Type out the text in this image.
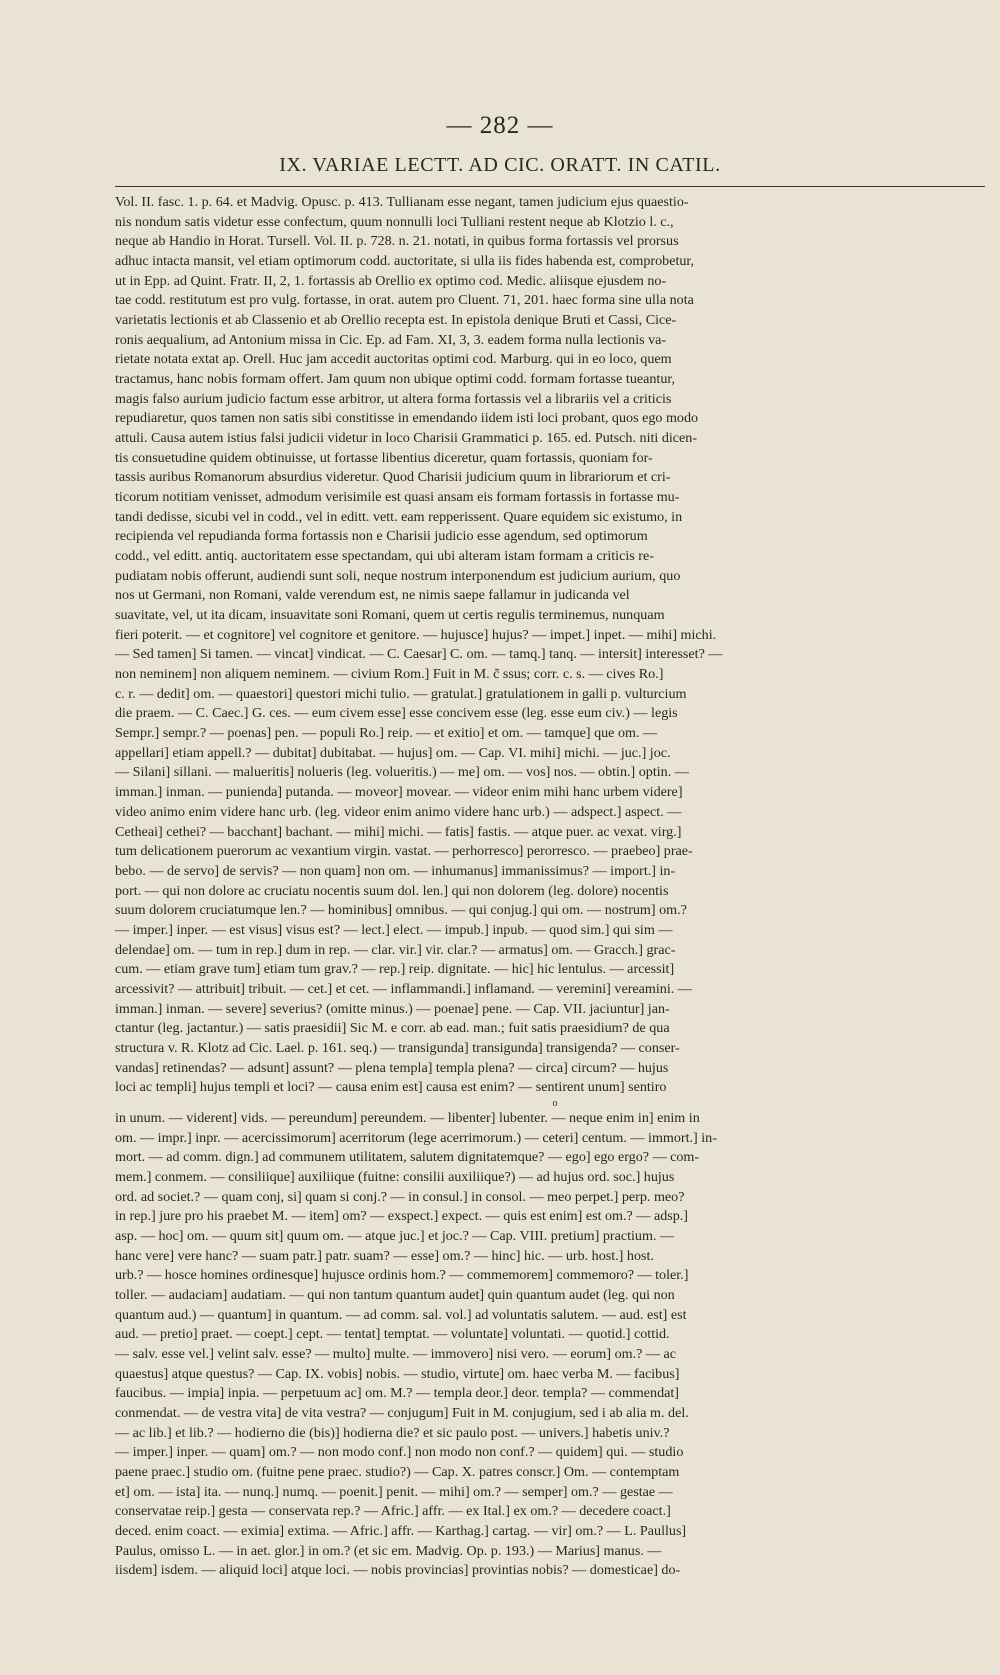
— 282 —
IX. VARIAE LECTT. AD CIC. ORATT. IN CATIL.
Vol. II. fasc. 1. p. 64. et Madvig. Opusc. p. 413. Tullianam esse negant, tamen judicium ejus quaestio-
nis nondum satis videtur esse confectum, quum nonnulli loci Tulliani restent neque ab Klotzio l. c.,
neque ab Handio in Horat. Tursell. Vol. II. p. 728. n. 21. notati, in quibus forma fortassis vel prorsus
adhuc intacta mansit, vel etiam optimorum codd. auctoritate, si ulla iis fides habenda est, comprobetur,
ut in Epp. ad Quint. Fratr. II, 2, 1. fortassis ab Orellio ex optimo cod. Medic. aliisque ejusdem no-
tae codd. restitutum est pro vulg. fortasse, in orat. autem pro Cluent. 71, 201. haec forma sine ulla nota
varietatis lectionis et ab Classenio et ab Orellio recepta est. In epistola denique Bruti et Cassi, Cice-
ronis aequalium, ad Antonium missa in Cic. Ep. ad Fam. XI, 3, 3. eadem forma nulla lectionis va-
rietate notata extat ap. Orell. Huc jam accedit auctoritas optimi cod. Marburg. qui in eo loco, quem
tractamus, hanc nobis formam offert. Jam quum non ubique optimi codd. formam fortasse tueantur,
magis falso aurium judicio factum esse arbitror, ut altera forma fortassis vel a librariis vel a criticis
repudiaretur, quos tamen non satis sibi constitisse in emendando iidem isti loci probant, quos ego modo
attuli. Causa autem istius falsi judicii videtur in loco Charisii Grammatici p. 165. ed. Putsch. niti dicen-
tis consuetudine quidem obtinuisse, ut fortasse libentius diceretur, quam fortassis, quoniam for-
tassis auribus Romanorum absurdius videretur. Quod Charisii judicium quum in librariorum et cri-
ticorum notitiam venisset, admodum verisimile est quasi ansam eis formam fortassis in fortasse mu-
tandi dedisse, sicubi vel in codd., vel in editt. vett. eam repperissent. Quare equidem sic existumo, in
recipienda vel repudianda forma fortassis non e Charisii judicio esse agendum, sed optimorum
codd., vel editt. antiq. auctoritatem esse spectandam, qui ubi alteram istam formam a criticis re-
pudiatam nobis offerunt, audiendi sunt soli, neque nostrum interponendum est judicium aurium, quo
nos ut Germani, non Romani, valde verendum est, ne nimis saepe fallamur in judicanda vel
suavitate, vel, ut ita dicam, insuavitate soni Romani, quem ut certis regulis terminemus, nunquam
fieri poterit. — et cognitore] vel cognitore et genitore. — hujusce] hujus? — impet.] inpet. — mihi] michi.
— Sed tamen] Si tamen. — vincat] vindicat. — C. Caesar] C. om. — tamq.] tanq. — intersit] interesset? —
non neminem] non aliquem neminem. — civium Rom.] Fuit in M. c̃ ssus; corr. c. s. — cives Ro.]
c. r. — dedit] om. — quaestori] questori michi tulio. — gratulat.] gratulationem in galli p. vulturcium
die praem. — C. Caec.] G. ces. — eum civem esse] esse concivem esse (leg. esse eum civ.) — legis
Sempr.] sempr.? — poenas] pen. — populi Ro.] reip. — et exitio] et om. — tamque] que om. —
appellari] etiam appell.? — dubitat] dubitabat. — hujus] om. — Cap. VI. mihi] michi. — juc.] joc.
— Silani] sillani. — malueritis] nolueris (leg. volueritis.) — me] om. — vos] nos. — obtin.] optin. —
imman.] inman. — punienda] putanda. — moveor] movear. — videor enim mihi hanc urbem videre]
video animo enim videre hanc urb. (leg. videor enim animo videre hanc urb.) — adspect.] aspect. —
Cetheai] cethei? — bacchant] bachant. — mihi] michi. — fatis] fastis. — atque puer. ac vexat. virg.]
tum delicationem puerorum ac vexantium virgin. vastat. — perhorresco] perorresco. — praebeo] prae-
bebo. — de servo] de servis? — non quam] non om. — inhumanus] immanissimus? — import.] in-
port. — qui non dolore ac cruciatu nocentis suum dol. len.] qui non dolorem (leg. dolore) nocentis
suum dolorem cruciatumque len.? — hominibus] omnibus. — qui conjug.] qui om. — nostrum] om.?
— imper.] inper. — est visus] visus est? — lect.] elect. — impub.] inpub. — quod sim.] qui sim —
delendae] om. — tum in rep.] dum in rep. — clar. vir.] vir. clar.? — armatus] om. — Gracch.] grac-
cum. — etiam grave tum] etiam tum grav.? — rep.] reip. dignitate. — hic] hic lentulus. — arcessit]
arcessivit? — attribuit] tribuit. — cet.] et cet. — inflammandi.] inflamand. — veremini] vereamini. —
imman.] inman. — severe] severius? (omitte minus.) — poenae] pene. — Cap. VII. jaciuntur] jan-
ctantur (leg. jactantur.) — satis praesidii] Sic M. e corr. ab ead. man.; fuit satis praesidium? de qua
structura v. R. Klotz ad Cic. Lael. p. 161. seq.) — transigunda] transigunda] transigenda? — conser-
vandas] retinendas? — adsunt] assunt? — plena templa] templa plena? — circa] circum? — hujus
loci ac templi] hujus templi et loci? — causa enim est] causa est enim? — sentirent unum] sentiro
o
in unum. — viderent] vids. — pereundum] pereundem. — libenter] lubenter. — neque enim in] enim in
om. — impr.] inpr. — acercissimorum] acerritorum (lege acerrimorum.) — ceteri] centum. — immort.] in-
mort. — ad comm. dign.] ad communem utilitatem, salutem dignitatemque? — ego] ego ergo? — com-
mem.] conmem. — consiliique] auxiliique (fuitne: consilii auxiliique?) — ad hujus ord. soc.] hujus
ord. ad societ.? — quam conj, si] quam si conj.? — in consul.] in consol. — meo perpet.] perp. meo?
in rep.] jure pro his praebet M. — item] om? — exspect.] expect. — quis est enim] est om.? — adsp.]
asp. — hoc] om. — quum sit] quum om. — atque juc.] et joc.? — Cap. VIII. pretium] practium. —
hanc vere] vere hanc? — suam patr.] patr. suam? — esse] om.? — hinc] hic. — urb. host.] host.
urb.? — hosce homines ordinesque] hujusce ordinis hom.? — commemorem] commemoro? — toler.]
toller. — audaciam] audatiam. — qui non tantum quantum audet] quin quantum audet (leg. qui non
quantum aud.) — quantum] in quantum. — ad comm. sal. vol.] ad voluntatis salutem. — aud. est] est
aud. — pretio] praet. — coept.] cept. — tentat] temptat. — voluntate] voluntati. — quotid.] cottid.
— salv. esse vel.] velint salv. esse? — multo] multe. — immovero] nisi vero. — eorum] om.? — ac
quaestus] atque questus? — Cap. IX. vobis] nobis. — studio, virtute] om. haec verba M. — facibus]
faucibus. — impia] inpia. — perpetuum ac] om. M.? — templa deor.] deor. templa? — commendat]
conmendat. — de vestra vita] de vita vestra? — conjugum] Fuit in M. conjugium, sed i ab alia m. del.
— ac lib.] et lib.? — hodierno die (bis)] hodierna die? et sic paulo post. — univers.] habetis univ.?
— imper.] inper. — quam] om.? — non modo conf.] non modo non conf.? — quidem] qui. — studio
paene praec.] studio om. (fuitne pene praec. studio?) — Cap. X. patres conscr.] Om. — contemptam
et] om. — ista] ita. — nunq.] numq. — poenit.] penit. — mihi] om.? — semper] om.? — gestae —
conservatae reip.] gesta — conservata rep.? — Afric.] affr. — ex Ital.] ex om.? — decedere coact.]
deced. enim coact. — eximia] extima. — Afric.] affr. — Karthag.] cartag. — vir] om.? — L. Paullus]
Paulus, omisso L. — in aet. glor.] in om.? (et sic em. Madvig. Op. p. 193.) — Marius] manus. —
iisdem] isdem. — aliquid loci] atque loci. — nobis provincias] provintias nobis? — domesticae] do-
